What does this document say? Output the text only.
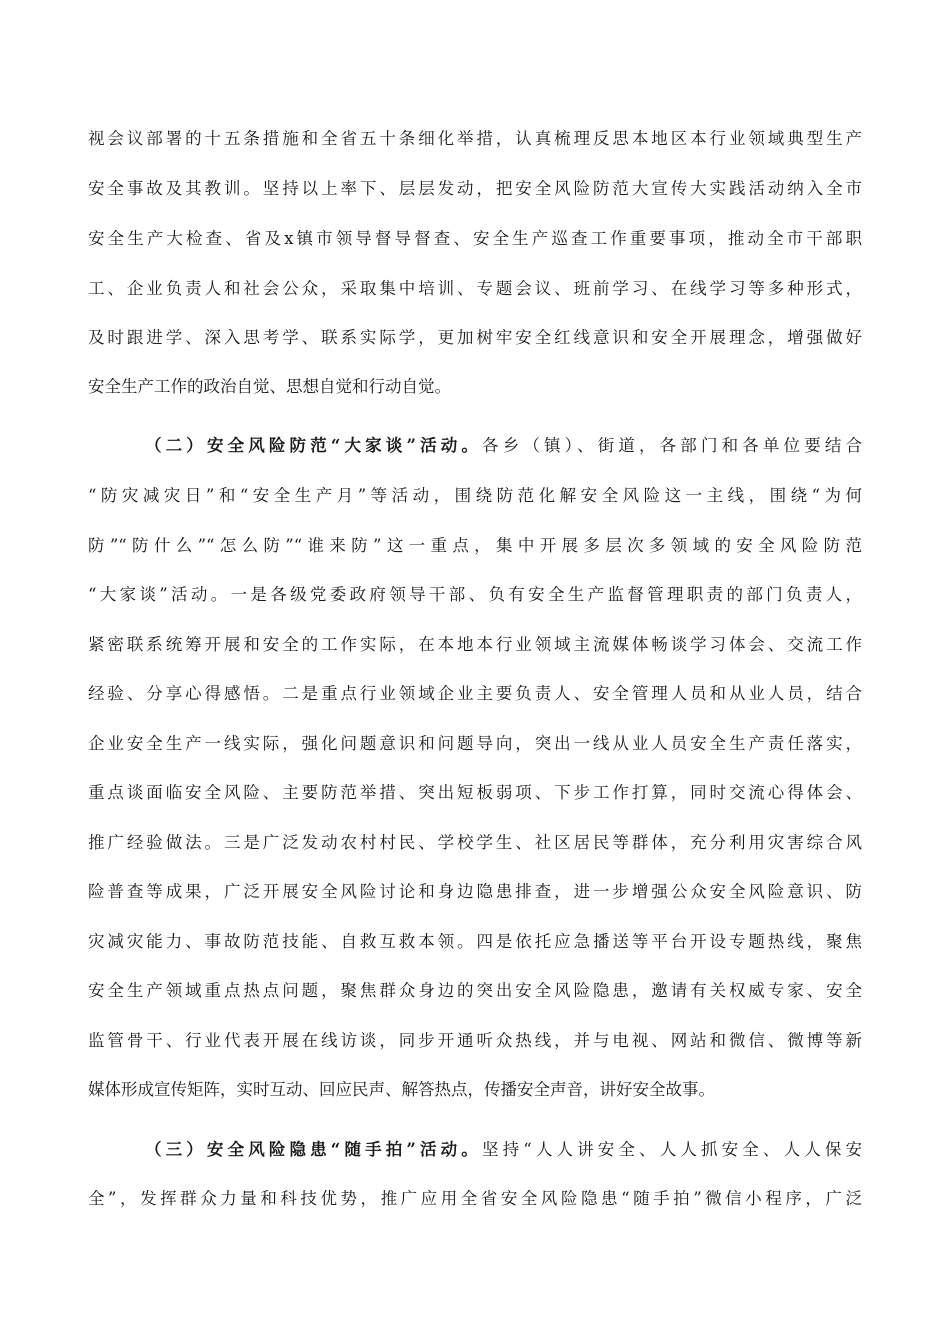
视会议部署的十五条措施和全省五十条细化举措，认真梳理反思本地区本行业领域典型生产
安全事故及其教训。坚持以上率下、层层发动，把安全风险防范大宣传大实践活动纳入全市
安全生产大检查、省及x镇市领导督导督查、安全生产巡查工作重要事项，推动全市干部职
工、企业负责人和社会公众，采取集中培训、专题会议、班前学习、在线学习等多种形式，
及时跟进学、深入思考学、联系实际学，更加树牢安全红线意识和安全开展理念，增强做好
安全生产工作的政治自觉、思想自觉和行动自觉。
（二）安全风险防范“大家谈”活动。各乡（镇）、街道，各部门和各单位要结合
“防灾减灾日”和“安全生产月”等活动，围绕防范化解安全风险这一主线，围绕“为何
防”“防什么”“怎么防”“谁来防”这一重点，集中开展多层次多领域的安全风险防范
“大家谈”活动。一是各级党委政府领导干部、负有安全生产监督管理职责的部门负责人，
紧密联系统筹开展和安全的工作实际，在本地本行业领域主流媒体畅谈学习体会、交流工作
经验、分享心得感悟。二是重点行业领域企业主要负责人、安全管理人员和从业人员，结合
企业安全生产一线实际，强化问题意识和问题导向，突出一线从业人员安全生产责任落实，
重点谈面临安全风险、主要防范举措、突出短板弱项、下步工作打算，同时交流心得体会、
推广经验做法。三是广泛发动农村村民、学校学生、社区居民等群体，充分利用灾害综合风
险普查等成果，广泛开展安全风险讨论和身边隐患排查，进一步增强公众安全风险意识、防
灾减灾能力、事故防范技能、自救互救本领。四是依托应急播送等平台开设专题热线，聚焦
安全生产领域重点热点问题，聚焦群众身边的突出安全风险隐患，邀请有关权威专家、安全
监管骨干、行业代表开展在线访谈，同步开通听众热线，并与电视、网站和微信、微博等新
媒体形成宣传矩阵，实时互动、回应民声、解答热点，传播安全声音，讲好安全故事。
（三）安全风险隐患“随手拍”活动。坚持“人人讲安全、人人抓安全、人人保安
全”，发挥群众力量和科技优势，推广应用全省安全风险隐患“随手拍”微信小程序，广泛
